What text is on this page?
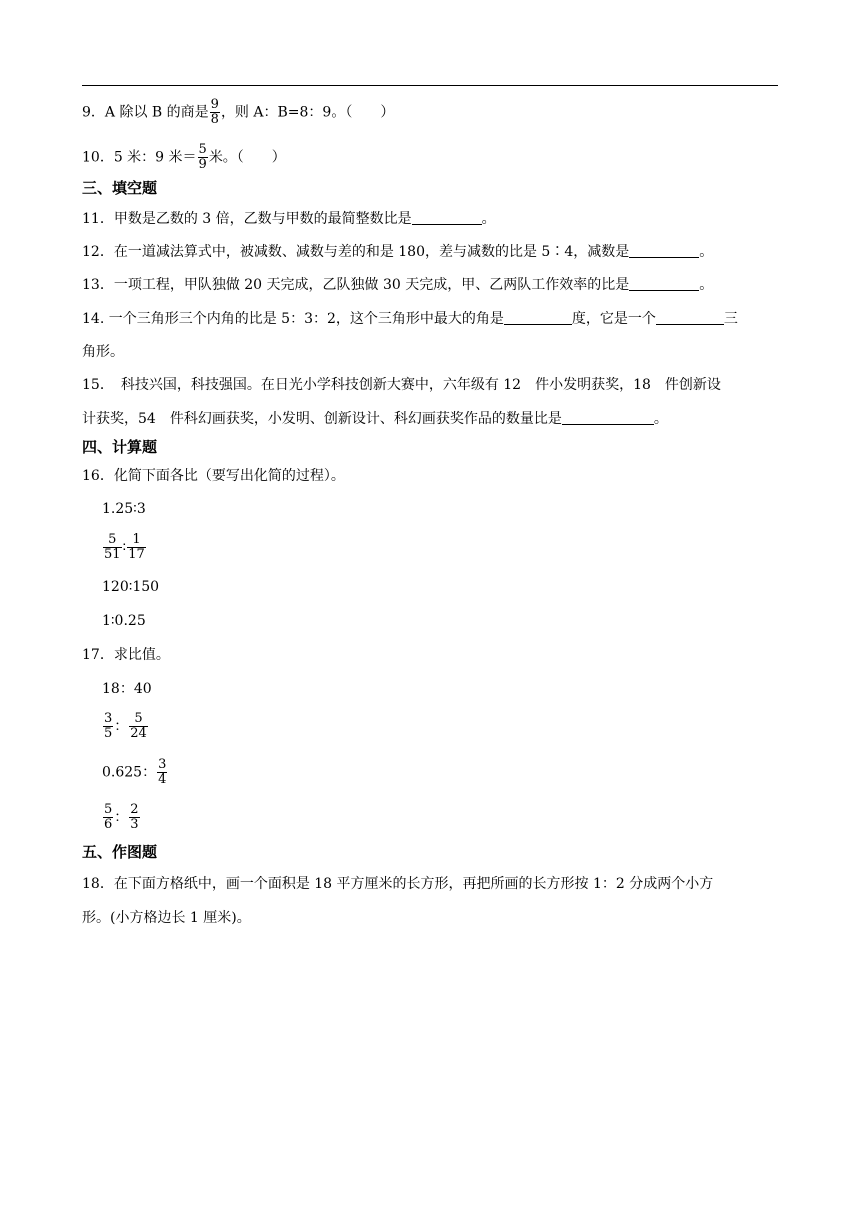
9．A 除以 B 的商是 $\frac{9}{8}$ ，则 A：B=8：9。（　　）
10．5 米：9 米＝ $\frac{5}{9}$ 米。（　　）
三、填空题
11．甲数是乙数的 3 倍，乙数与甲数的最简整数比是	。
12．在一道减法算式中，被减数、减数与差的和是 180，差与减数的比是 5∶4，减数是	。
13．一项工程，甲队独做 20 天完成，乙队独做 30 天完成，甲、乙两队工作效率的比是	。
14. 一个三角形三个内角的比是 5：3：2，这个三角形中最大的角是	度，它是一个	三
角形。
15．　科技兴国，科技强国。在日光小学科技创新大赛中，六年级有 12　件小发明获奖，18　件创新设
计获奖，54　件科幻画获奖，小发明、创新设计、科幻画获奖作品的数量比是	。
四、计算题
16．化简下面各比（要写出化简的过程）。
1.25∶3
$\frac{5}{51}$ ∶ $\frac{1}{17}$
120∶150
1∶0.25
17．求比值。
18：40
$\frac{3}{5}$ ： $\frac{5}{24}$
0.625： $\frac{3}{4}$
$\frac{5}{6}$ ： $\frac{2}{3}$
五、作图题
18．在下面方格纸中，画一个面积是 18 平方厘米的长方形，再把所画的长方形按 1：2 分成两个小方
形。(小方格边长 1 厘米)。
